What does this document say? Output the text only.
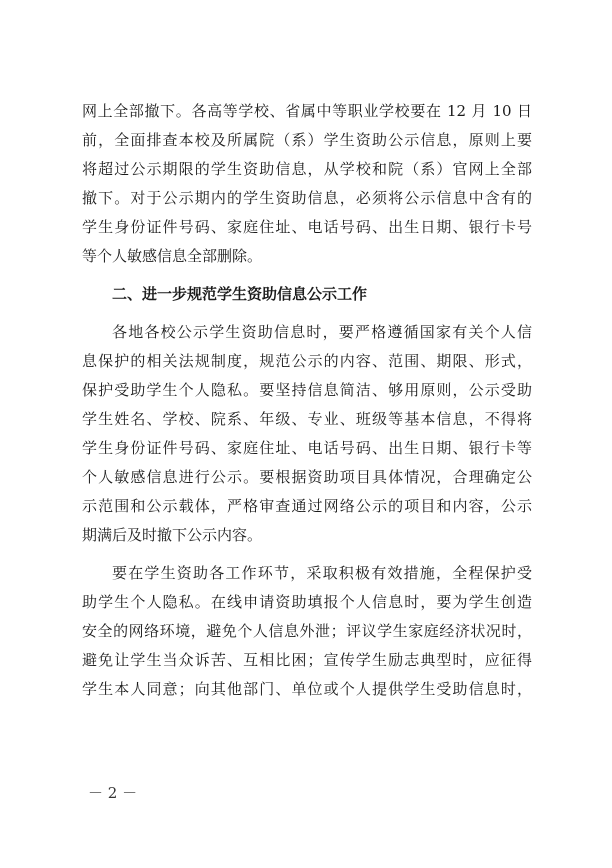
网上全部撤下。各高等学校、省属中等职业学校要在 12 月 10 日
前，全面排查本校及所属院（系）学生资助公示信息，原则上要
将超过公示期限的学生资助信息，从学校和院（系）官网上全部
撤下。对于公示期内的学生资助信息，必须将公示信息中含有的
学生身份证件号码、家庭住址、电话号码、出生日期、银行卡号
等个人敏感信息全部删除。
二、进一步规范学生资助信息公示工作
各地各校公示学生资助信息时，要严格遵循国家有关个人信
息保护的相关法规制度，规范公示的内容、范围、期限、形式，
保护受助学生个人隐私。要坚持信息简洁、够用原则，公示受助
学生姓名、学校、院系、年级、专业、班级等基本信息，不得将
学生身份证件号码、家庭住址、电话号码、出生日期、银行卡等
个人敏感信息进行公示。要根据资助项目具体情况，合理确定公
示范围和公示载体，严格审查通过网络公示的项目和内容，公示
期满后及时撤下公示内容。
要在学生资助各工作环节，采取积极有效措施，全程保护受
助学生个人隐私。在线申请资助填报个人信息时，要为学生创造
安全的网络环境，避免个人信息外泄；评议学生家庭经济状况时，
避免让学生当众诉苦、互相比困；宣传学生励志典型时，应征得
学生本人同意；向其他部门、单位或个人提供学生受助信息时，
－ 2 －
